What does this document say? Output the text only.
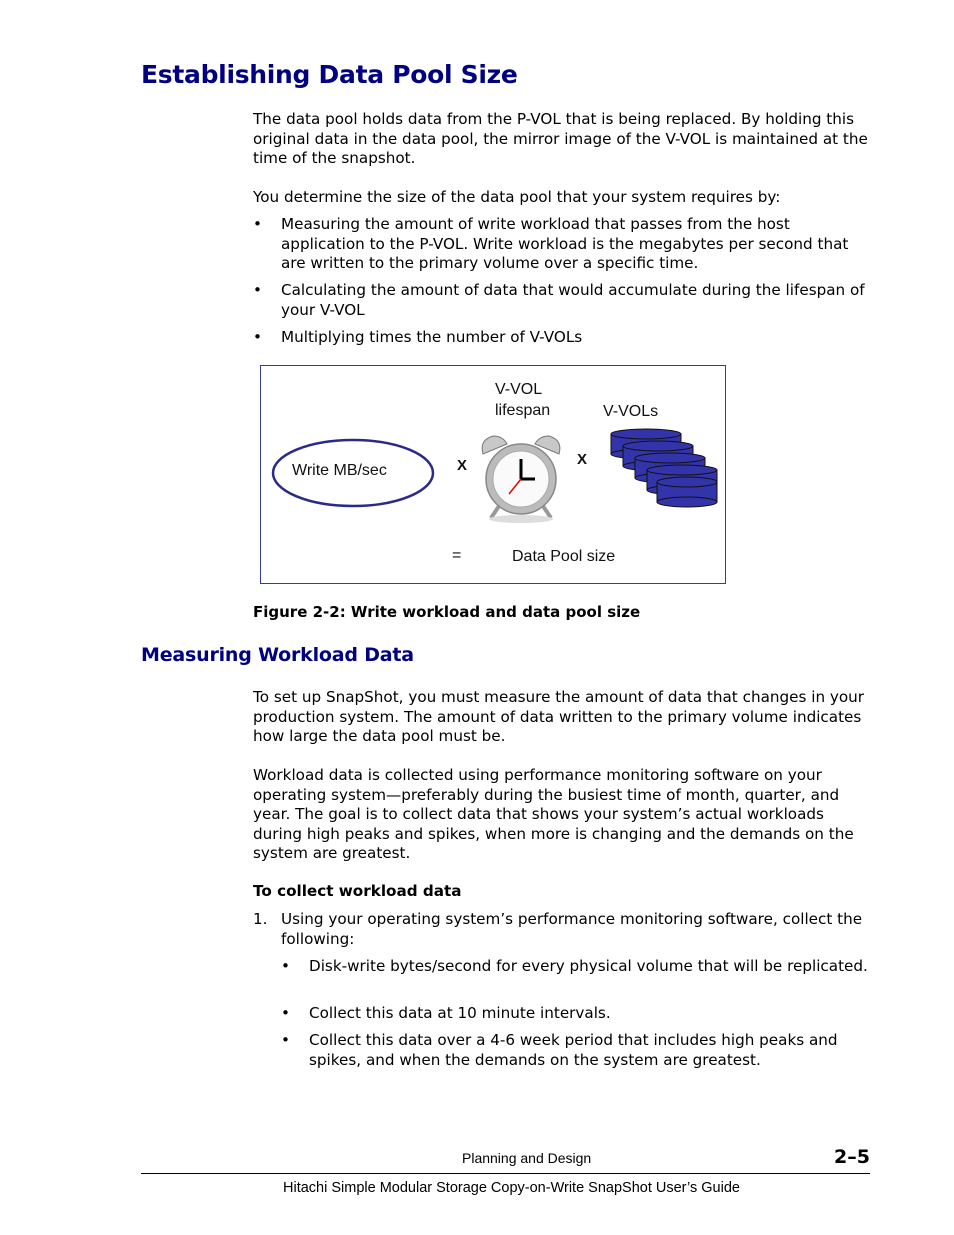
Establishing Data Pool Size

The data pool holds data from the P-VOL that is being replaced. By holding this original data in the data pool, the mirror image of the V-VOL is maintained at the time of the snapshot.

You determine the size of the data pool that your system requires by:

• Measuring the amount of write workload that passes from the host application to the P-VOL. Write workload is the megabytes per second that are written to the primary volume over a specific time.
• Calculating the amount of data that would accumulate during the lifespan of your V-VOL
• Multiplying times the number of V-VOLs
Write MB/sec	X
V-VOL
lifespan
X
V-VOLs
=	Data Pool size
Figure 2-2: Write workload and data pool size
Measuring Workload Data

To set up SnapShot, you must measure the amount of data that changes in your production system. The amount of data written to the primary volume indicates how large the data pool must be.

Workload data is collected using performance monitoring software on your operating system—preferably during the busiest time of month, quarter, and year. The goal is to collect data that shows your system’s actual workloads during high peaks and spikes, when more is changing and the demands on the system are greatest.

To collect workload data
1. Using your operating system’s performance monitoring software, collect the following:
• Disk-write bytes/second for every physical volume that will be replicated.
• Collect this data at 10 minute intervals.
• Collect this data over a 4-6 week period that includes high peaks and spikes, and when the demands on the system are greatest.
Planning and Design	2–5
Hitachi Simple Modular Storage Copy-on-Write SnapShot User’s Guide
